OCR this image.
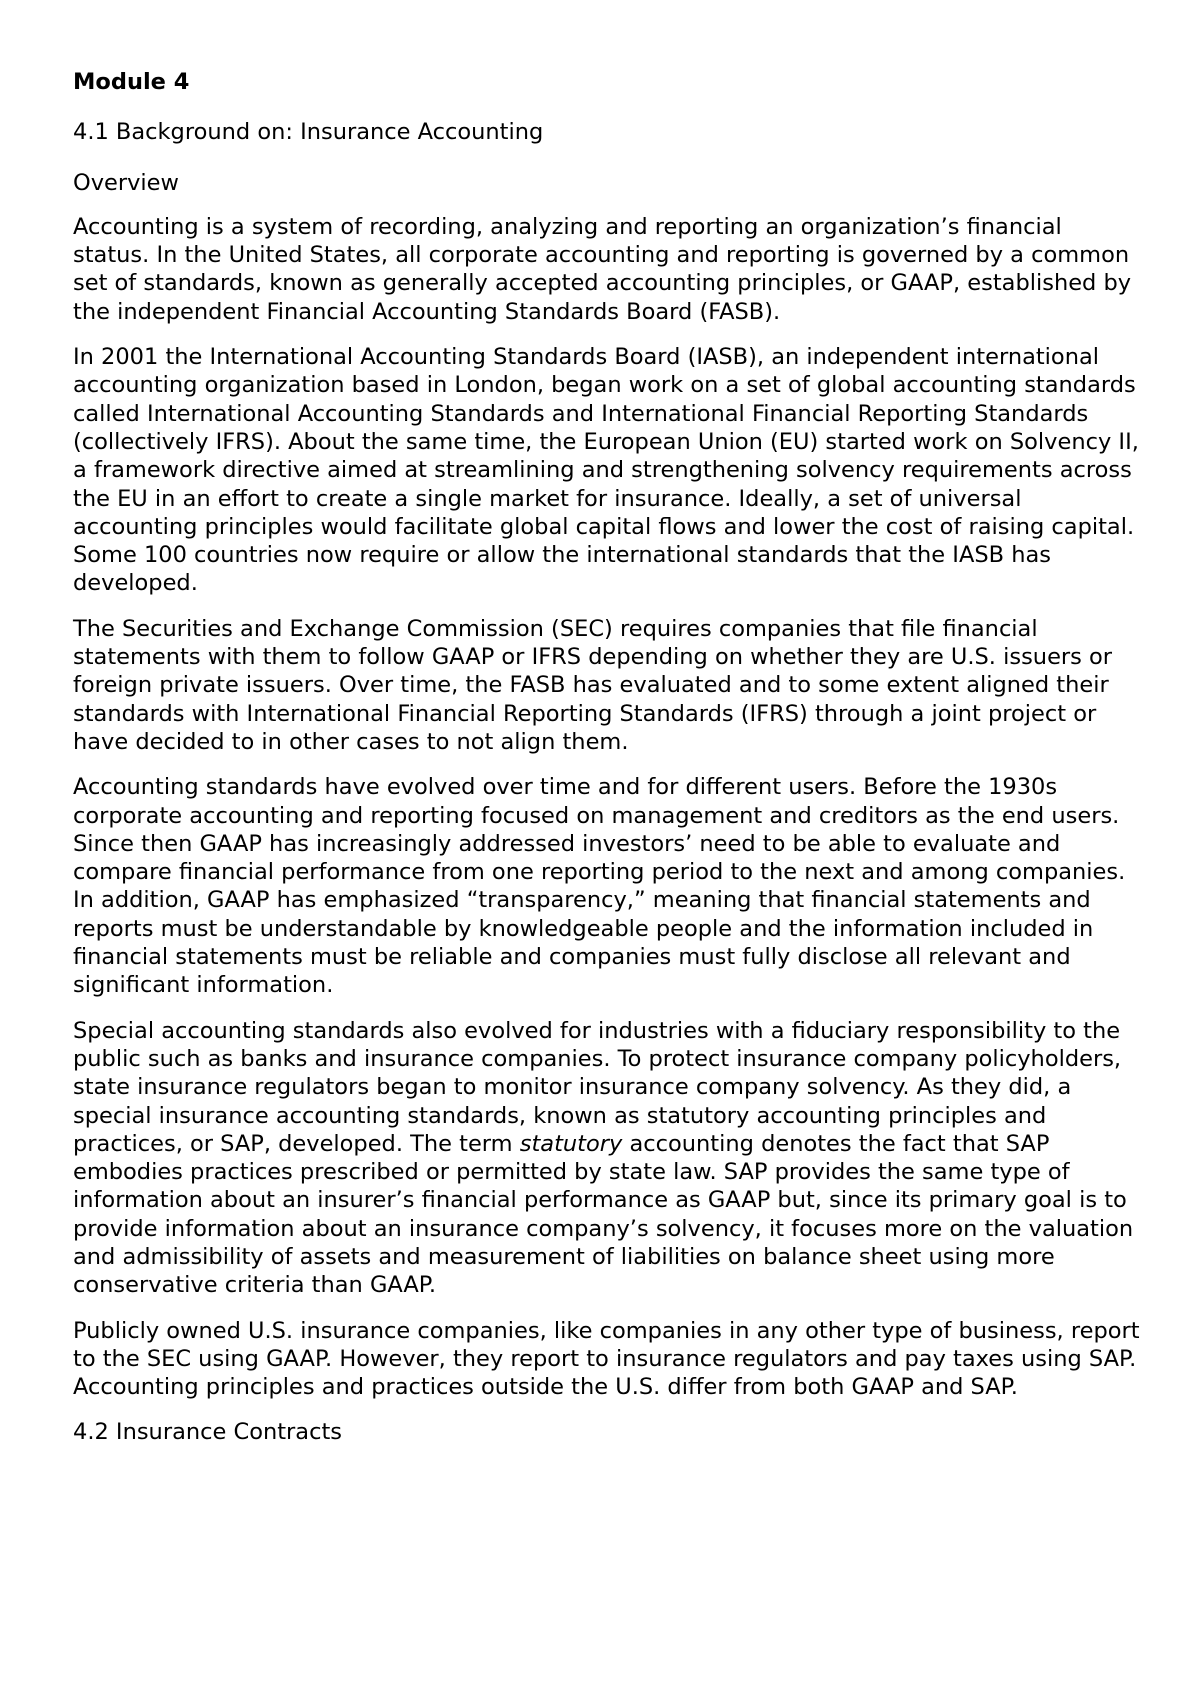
Module 4
4.1 Background on: Insurance Accounting
Overview

Accounting is a system of recording, analyzing and reporting an organization’s financial status. In the United States, all corporate accounting and reporting is governed by a common set of standards, known as generally accepted accounting principles, or GAAP, established by the independent Financial Accounting Standards Board (FASB).

In 2001 the International Accounting Standards Board (IASB), an independent international accounting organization based in London, began work on a set of global accounting standards called International Accounting Standards and International Financial Reporting Standards (collectively IFRS). About the same time, the European Union (EU) started work on Solvency II, a framework directive aimed at streamlining and strengthening solvency requirements across the EU in an effort to create a single market for insurance. Ideally, a set of universal accounting principles would facilitate global capital flows and lower the cost of raising capital. Some 100 countries now require or allow the international standards that the IASB has developed.

The Securities and Exchange Commission (SEC) requires companies that file financial statements with them to follow GAAP or IFRS depending on whether they are U.S. issuers or foreign private issuers. Over time, the FASB has evaluated and to some extent aligned their standards with International Financial Reporting Standards (IFRS) through a joint project or have decided to in other cases to not align them.

Accounting standards have evolved over time and for different users. Before the 1930s corporate accounting and reporting focused on management and creditors as the end users. Since then GAAP has increasingly addressed investors’ need to be able to evaluate and compare financial performance from one reporting period to the next and among companies. In addition, GAAP has emphasized “transparency,” meaning that financial statements and reports must be understandable by knowledgeable people and the information included in financial statements must be reliable and companies must fully disclose all relevant and significant information.

Special accounting standards also evolved for industries with a fiduciary responsibility to the public such as banks and insurance companies. To protect insurance company policyholders, state insurance regulators began to monitor insurance company solvency. As they did, a special insurance accounting standards, known as statutory accounting principles and practices, or SAP, developed. The term statutory accounting denotes the fact that SAP embodies practices prescribed or permitted by state law. SAP provides the same type of information about an insurer’s financial performance as GAAP but, since its primary goal is to provide information about an insurance company’s solvency, it focuses more on the valuation and admissibility of assets and measurement of liabilities on balance sheet using more conservative criteria than GAAP.

Publicly owned U.S. insurance companies, like companies in any other type of business, report to the SEC using GAAP. However, they report to insurance regulators and pay taxes using SAP. Accounting principles and practices outside the U.S. differ from both GAAP and SAP.

4.2 Insurance Contracts
